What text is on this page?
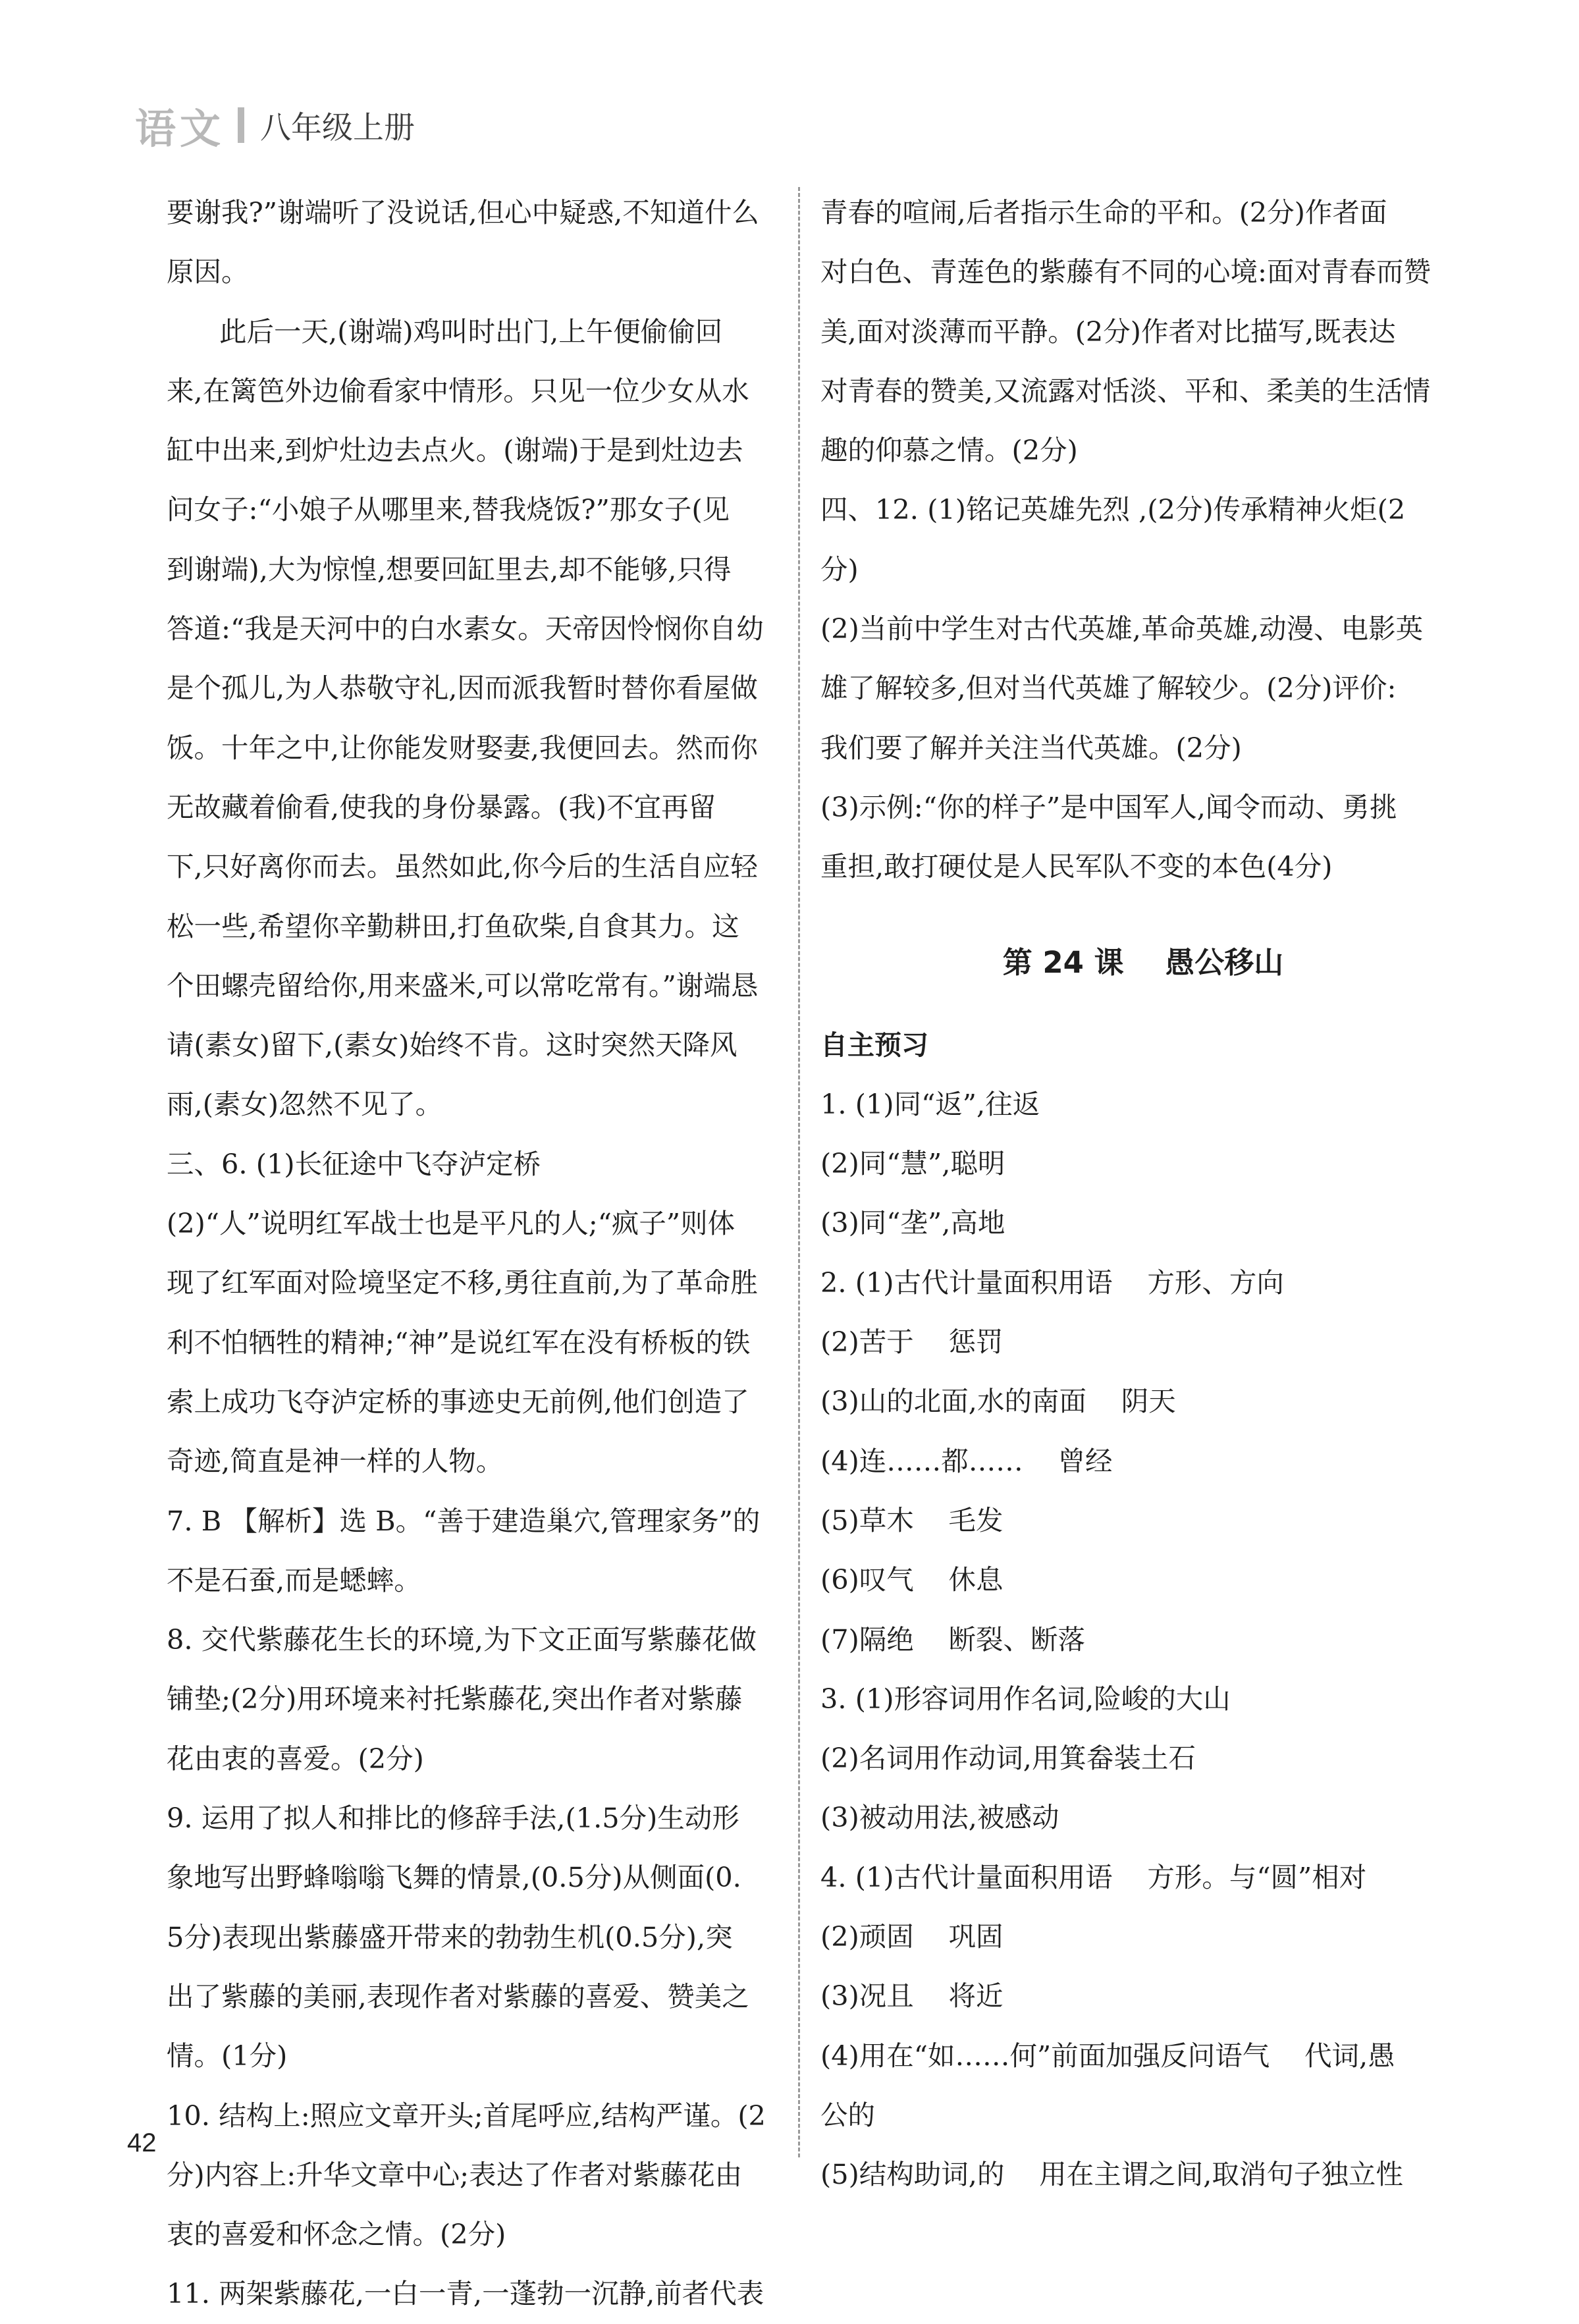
语文 八年级上册

要谢我?”谢端听了没说话,但心中疑惑,不知道什么

原因。

此后一天,(谢端)鸡叫时出门,上午便偷偷回

来,在篱笆外边偷看家中情形。只见一位少女从水

缸中出来,到炉灶边去点火。(谢端)于是到灶边去

问女子:“小娘子从哪里来,替我烧饭?”那女子(见

到谢端),大为惊惶,想要回缸里去,却不能够,只得

答道:“我是天河中的白水素女。天帝因怜悯你自幼

是个孤儿,为人恭敬守礼,因而派我暂时替你看屋做

饭。十年之中,让你能发财娶妻,我便回去。然而你

无故藏着偷看,使我的身份暴露。(我)不宜再留

下,只好离你而去。虽然如此,你今后的生活自应轻

松一些,希望你辛勤耕田,打鱼砍柴,自食其力。这

个田螺壳留给你,用来盛米,可以常吃常有。”谢端恳

请(素女)留下,(素女)始终不肯。这时突然天降风

雨,(素女)忽然不见了。

三、6. (1)长征途中飞夺泸定桥

(2)“人”说明红军战士也是平凡的人;“疯子”则体

现了红军面对险境坚定不移,勇往直前,为了革命胜

利不怕牺牲的精神;“神”是说红军在没有桥板的铁

索上成功飞夺泸定桥的事迹史无前例,他们创造了

奇迹,简直是神一样的人物。

7. B 【解析】选 B。“善于建造巢穴,管理家务”的

不是石蚕,而是蟋蟀。

8. 交代紫藤花生长的环境,为下文正面写紫藤花做

铺垫;(2分)用环境来衬托紫藤花,突出作者对紫藤

花由衷的喜爱。(2分)

9. 运用了拟人和排比的修辞手法,(1.5分)生动形

象地写出野蜂嗡嗡飞舞的情景,(0.5分)从侧面(0.

5分)表现出紫藤盛开带来的勃勃生机(0.5分),突

出了紫藤的美丽,表现作者对紫藤的喜爱、赞美之

情。(1分)

10. 结构上:照应文章开头;首尾呼应,结构严谨。(2

分)内容上:升华文章中心;表达了作者对紫藤花由

衷的喜爱和怀念之情。(2分)

11. 两架紫藤花,一白一青,一蓬勃一沉静,前者代表

青春的喧闹,后者指示生命的平和。(2分)作者面

对白色、青莲色的紫藤有不同的心境:面对青春而赞

美,面对淡薄而平静。(2分)作者对比描写,既表达

对青春的赞美,又流露对恬淡、平和、柔美的生活情

趣的仰慕之情。(2分)

四、12. (1)铭记英雄先烈 ,(2分)传承精神火炬(2

分)

(2)当前中学生对古代英雄,革命英雄,动漫、电影英

雄了解较多,但对当代英雄了解较少。(2分)评价:

我们要了解并关注当代英雄。(2分)

(3)示例:“你的样子”是中国军人,闻令而动、勇挑

重担,敢打硬仗是人民军队不变的本色(4分)

第 24 课    愚公移山
自主预习

1. (1)同“返”,往返

(2)同“慧”,聪明

(3)同“垄”,高地

2. (1)古代计量面积用语    方形、方向

(2)苦于    惩罚

(3)山的北面,水的南面    阴天

(4)连……都……    曾经

(5)草木    毛发

(6)叹气    休息

(7)隔绝    断裂、断落

3. (1)形容词用作名词,险峻的大山

(2)名词用作动词,用箕畚装土石

(3)被动用法,被感动

4. (1)古代计量面积用语    方形。与“圆”相对

(2)顽固    巩固

(3)况且    将近

(4)用在“如……何”前面加强反问语气    代词,愚

公的

(5)结构助词,的    用在主谓之间,取消句子独立性

42
